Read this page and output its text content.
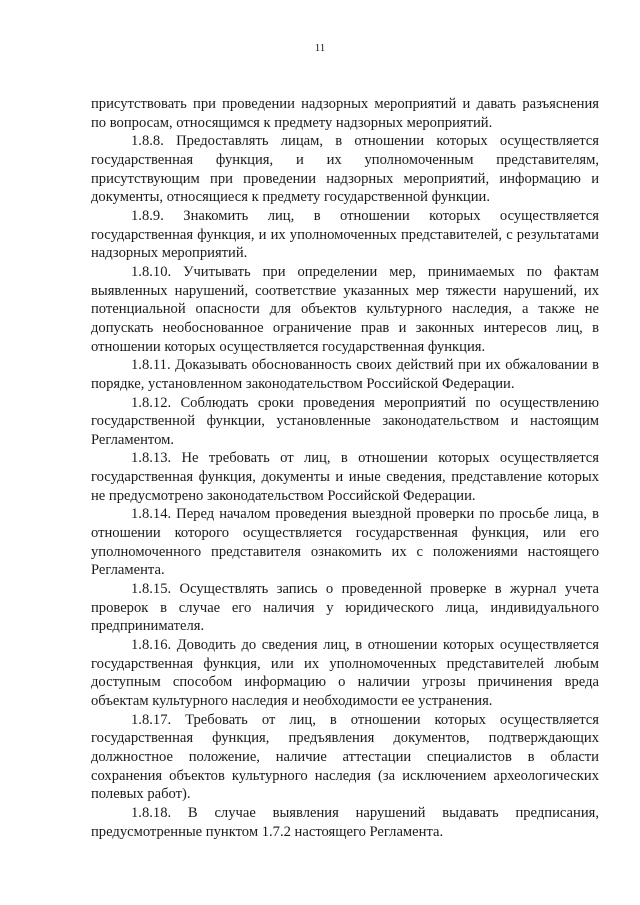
11

присутствовать при проведении надзорных мероприятий и давать разъяснения по вопросам, относящимся к предмету надзорных мероприятий.

1.8.8. Предоставлять лицам, в отношении которых осуществляется государственная функция, и их уполномоченным представителям, присутствующим при проведении надзорных мероприятий, информацию и документы, относящиеся к предмету государственной функции.

1.8.9. Знакомить лиц, в отношении которых осуществляется государственная функция, и их уполномоченных представителей, с результатами надзорных мероприятий.

1.8.10. Учитывать при определении мер, принимаемых по фактам выявленных нарушений, соответствие указанных мер тяжести нарушений, их потенциальной опасности для объектов культурного наследия, а также не допускать необоснованное ограничение прав и законных интересов лиц, в отношении которых осуществляется государственная функция.

1.8.11. Доказывать обоснованность своих действий при их обжаловании в порядке, установленном законодательством Российской Федерации.

1.8.12. Соблюдать сроки проведения мероприятий по осуществлению государственной функции, установленные законодательством и настоящим Регламентом.

1.8.13. Не требовать от лиц, в отношении которых осуществляется государственная функция, документы и иные сведения, представление которых не предусмотрено законодательством Российской Федерации.

1.8.14. Перед началом проведения выездной проверки по просьбе лица, в отношении которого осуществляется государственная функция, или его уполномоченного представителя ознакомить их с положениями настоящего Регламента.

1.8.15. Осуществлять запись о проведенной проверке в журнал учета проверок в случае его наличия у юридического лица, индивидуального предпринимателя.

1.8.16. Доводить до сведения лиц, в отношении которых осуществляется государственная функция, или их уполномоченных представителей любым доступным способом информацию о наличии угрозы причинения вреда объектам культурного наследия и необходимости ее устранения.

1.8.17. Требовать от лиц, в отношении которых осуществляется государственная функция, предъявления документов, подтверждающих должностное положение, наличие аттестации специалистов в области сохранения объектов культурного наследия (за исключением археологических полевых работ).

1.8.18. В случае выявления нарушений выдавать предписания, предусмотренные пунктом 1.7.2 настоящего Регламента.
